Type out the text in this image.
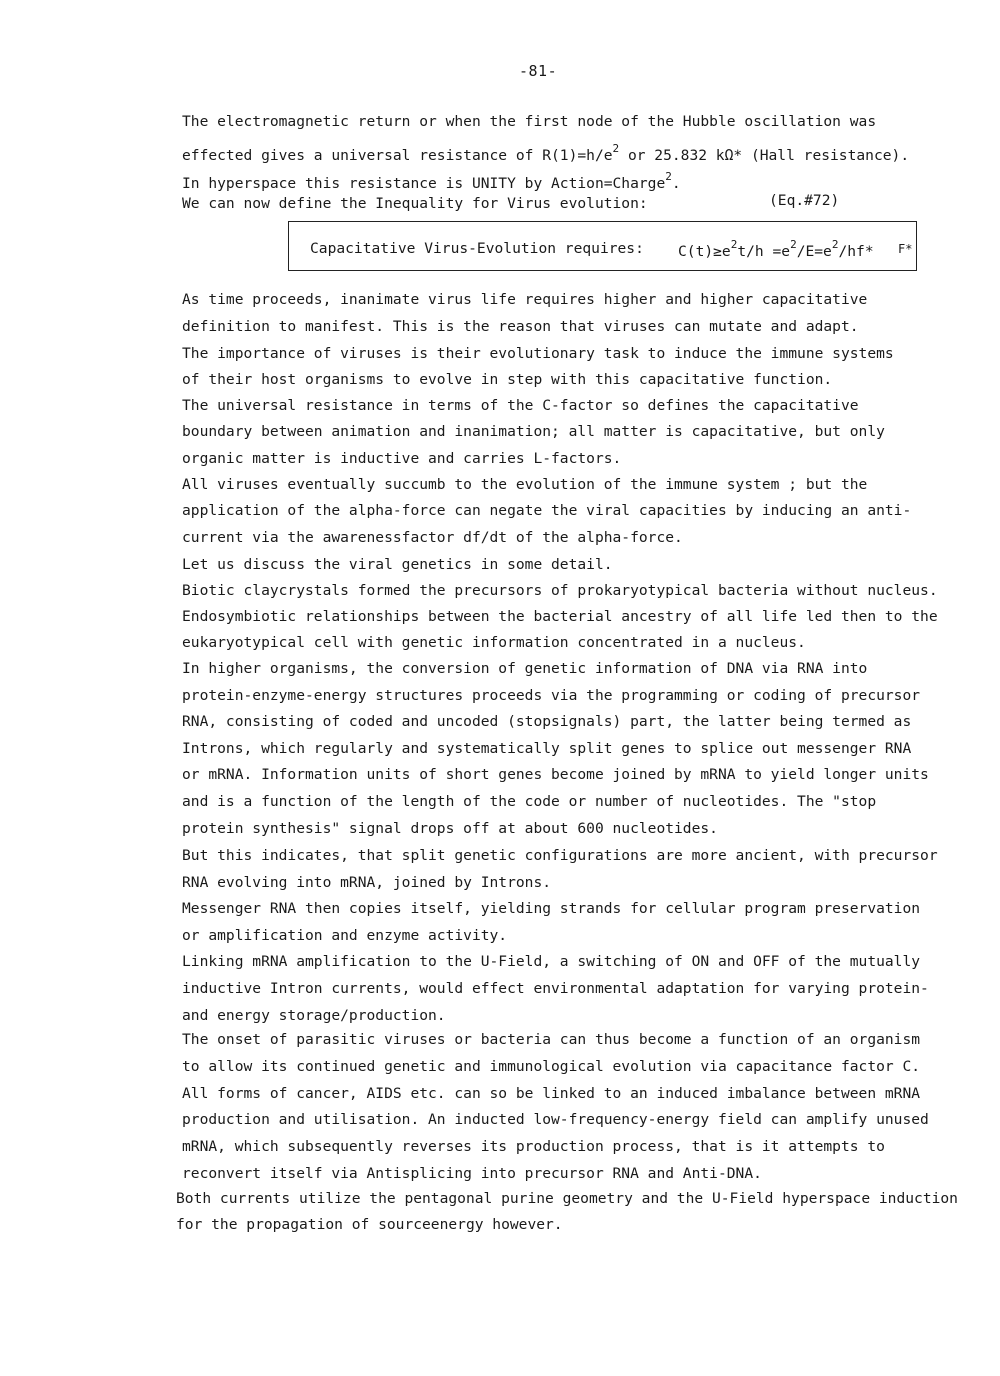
-81-
The electromagnetic return or when the first node of the Hubble oscillation was
effected gives a universal resistance of $R(1)=h/e^2$ or 25.832 kΩ* (Hall resistance).
In hyperspace this resistance is UNITY by Action=Charge$^2$.
We can now define the Inequality for Virus evolution:	(Eq.#72)
Capacitative Virus-Evolution requires: $C(t)\ge e^2t/h =e^2/E=e^2/hf*$ F*
As time proceeds, inanimate virus life requires higher and higher capacitative
definition to manifest. This is the reason that viruses can mutate and adapt.
The importance of viruses is their evolutionary task to induce the immune systems
of their host organisms to evolve in step with this capacitative function.
The universal resistance in terms of the C-factor so defines the capacitative
boundary between animation and inanimation; all matter is capacitative, but only
organic matter is inductive and carries L-factors.
All viruses eventually succumb to the evolution of the immune system ; but the
application of the alpha-force can negate the viral capacities by inducing an anti-
current via the awarenessfactor df/dt of the alpha-force.
Let us discuss the viral genetics in some detail.
Biotic claycrystals formed the precursors of prokaryotypical bacteria without nucleus.
Endosymbiotic relationships between the bacterial ancestry of all life led then to the
eukaryotypical cell with genetic information concentrated in a nucleus.
In higher organisms, the conversion of genetic information of DNA via RNA into
protein-enzyme-energy structures proceeds via the programming or coding of precursor
RNA, consisting of coded and uncoded (stopsignals) part, the latter being termed as
Introns, which regularly and systematically split genes to splice out messenger RNA
or mRNA. Information units of short genes become joined by mRNA to yield longer units
and is a function of the length of the code or number of nucleotides. The "stop
protein synthesis" signal drops off at about 600 nucleotides.
But this indicates, that split genetic configurations are more ancient, with precursor
RNA evolving into mRNA, joined by Introns.
Messenger RNA then copies itself, yielding strands for cellular program preservation
or amplification and enzyme activity.
Linking mRNA amplification to the U-Field, a switching of ON and OFF of the mutually
inductive Intron currents, would effect environmental adaptation for varying protein-
and energy storage/production.
The onset of parasitic viruses or bacteria can thus become a function of an organism
to allow its continued genetic and immunological evolution via capacitance factor C.
All forms of cancer, AIDS etc. can so be linked to an induced imbalance between mRNA
production and utilisation. An inducted low-frequency-energy field can amplify unused
mRNA, which subsequently reverses its production process, that is it attempts to
reconvert itself via Antisplicing into precursor RNA and Anti-DNA.
Both currents utilize the pentagonal purine geometry and the U-Field hyperspace induction
for the propagation of sourceenergy however.
